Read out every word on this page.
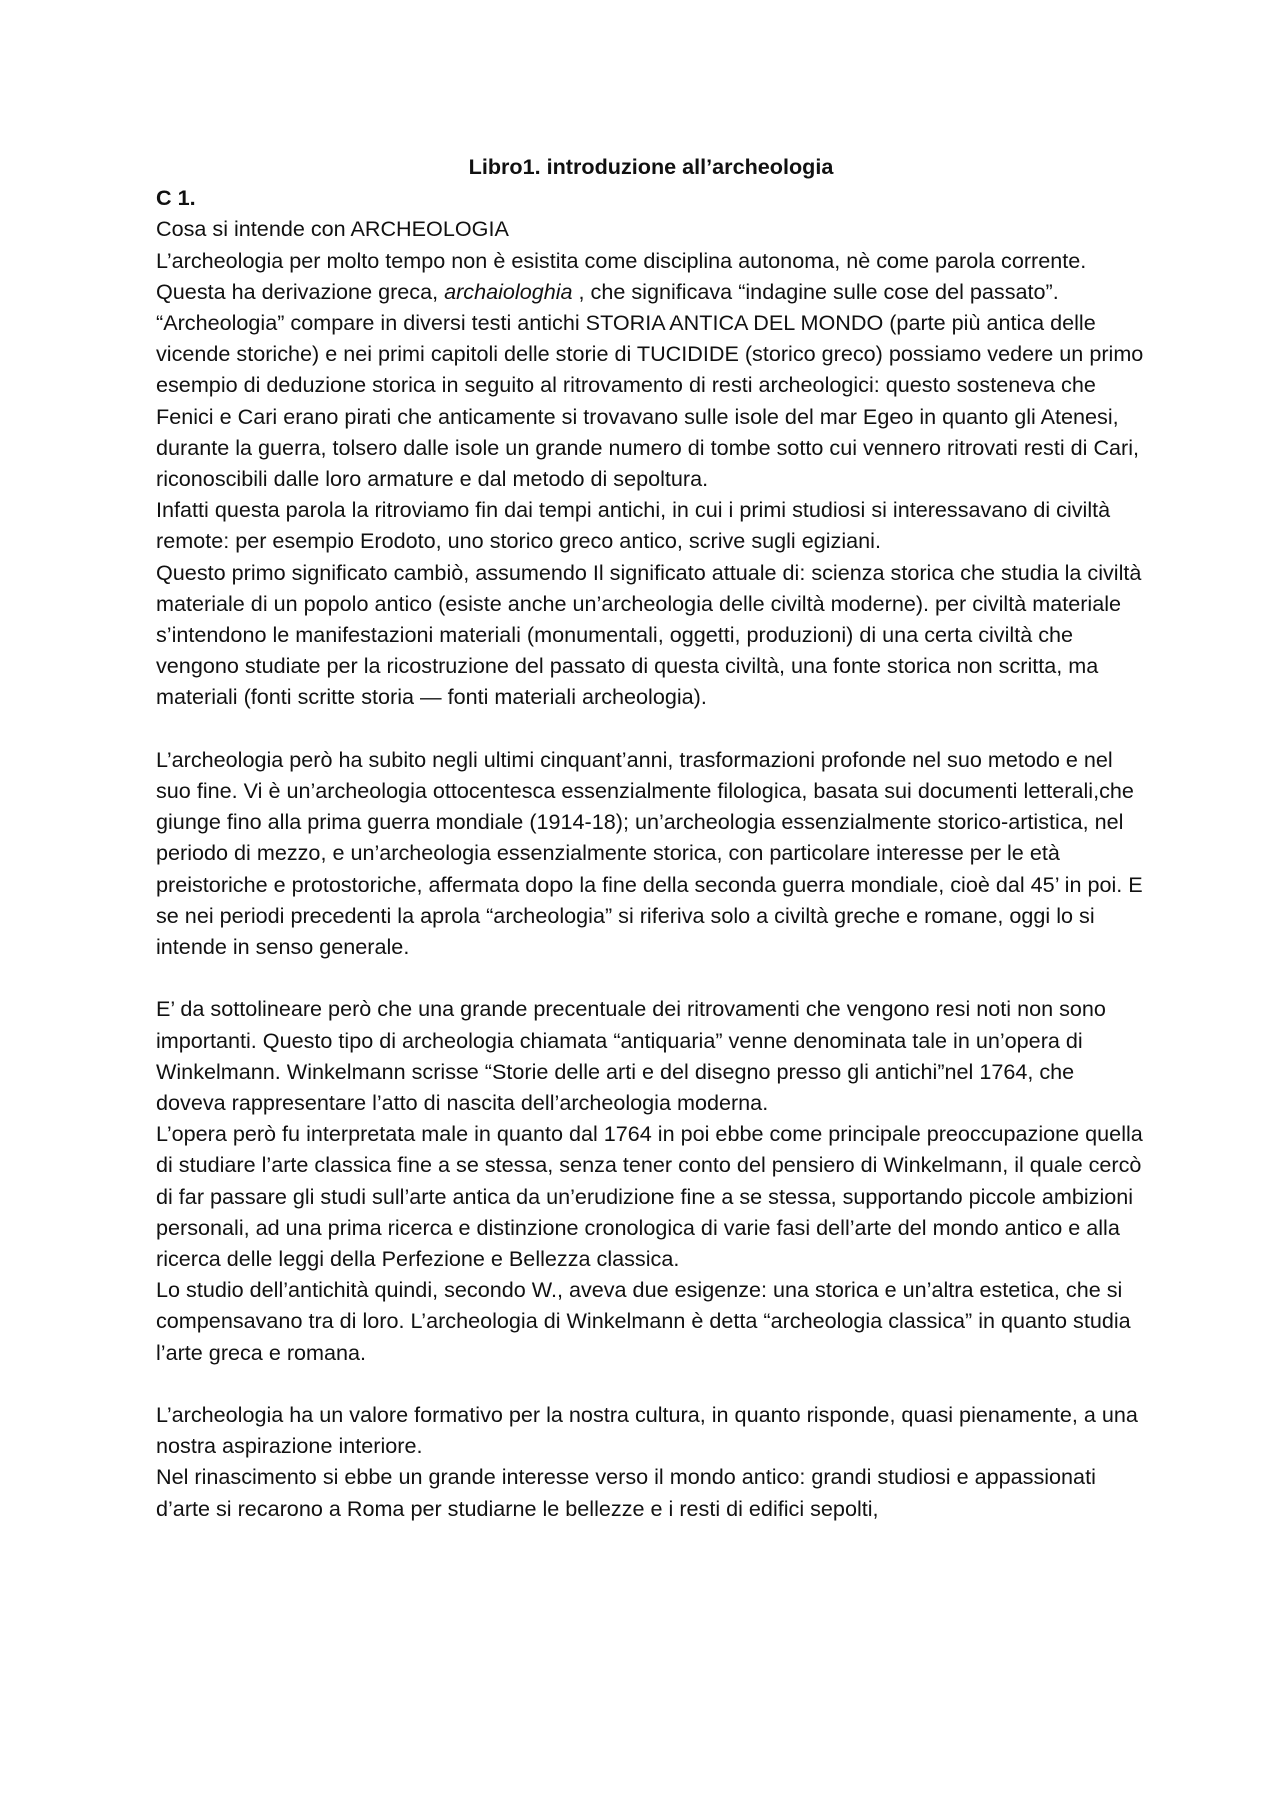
Libro1. introduzione all’archeologia

C 1.

Cosa si intende con ARCHEOLOGIA

L’archeologia per molto tempo non è esistita come disciplina autonoma, nè come parola corrente. Questa ha derivazione greca, archaiologhia , che significava “indagine sulle cose del passato”.

“Archeologia” compare in diversi testi antichi STORIA ANTICA DEL MONDO (parte più antica delle vicende storiche) e nei primi capitoli delle storie di TUCIDIDE (storico greco) possiamo vedere un primo esempio di deduzione storica in seguito al ritrovamento di resti archeologici: questo sosteneva che Fenici e Cari erano pirati che anticamente si trovavano sulle isole del mar Egeo in quanto gli Atenesi, durante la guerra, tolsero dalle isole un grande numero di tombe sotto cui vennero ritrovati resti di Cari, riconoscibili dalle loro armature e dal metodo di sepoltura.

Infatti questa parola la ritroviamo fin dai tempi antichi, in cui i primi studiosi si interessavano di civiltà remote: per esempio Erodoto, uno storico greco antico, scrive sugli egiziani.

Questo primo significato cambiò, assumendo Il significato attuale di: scienza storica che studia la civiltà materiale di un popolo antico (esiste anche un’archeologia delle civiltà moderne). per civiltà materiale s’intendono le manifestazioni materiali (monumentali, oggetti, produzioni) di una certa civiltà che vengono studiate per la ricostruzione del passato di questa civiltà, una fonte storica non scritta, ma materiali (fonti scritte storia — fonti materiali archeologia).

L’archeologia però ha subito negli ultimi cinquant’anni, trasformazioni profonde nel suo metodo e nel suo fine. Vi è un’archeologia ottocentesca essenzialmente filologica, basata sui documenti letterali,che giunge fino alla prima guerra mondiale (1914-18); un’archeologia essenzialmente storico-artistica, nel periodo di mezzo, e un’archeologia essenzialmente storica, con particolare interesse per le età preistoriche e protostoriche, affermata dopo la fine della seconda guerra mondiale, cioè dal 45’ in poi. E se nei periodi precedenti la aprola “archeologia” si riferiva solo a civiltà greche e romane, oggi lo si intende in senso generale.

E’ da sottolineare però che una grande precentuale dei ritrovamenti che vengono resi noti non sono importanti. Questo tipo di archeologia chiamata “antiquaria” venne denominata tale in un’opera di Winkelmann. Winkelmann scrisse “Storie delle arti e del disegno presso gli antichi”nel 1764, che doveva rappresentare l’atto di nascita dell’archeologia moderna.

L’opera però fu interpretata male in quanto dal 1764 in poi ebbe come principale preoccupazione quella di studiare l’arte classica fine a se stessa, senza tener conto del pensiero di Winkelmann, il quale cercò di far passare gli studi sull’arte antica da un’erudizione fine a se stessa, supportando piccole ambizioni personali, ad una prima ricerca e distinzione cronologica di varie fasi dell’arte del mondo antico e alla ricerca delle leggi della Perfezione e Bellezza classica.

Lo studio dell’antichità quindi, secondo W., aveva due esigenze: una storica e un’altra estetica, che si compensavano tra di loro. L’archeologia di Winkelmann è detta “archeologia classica” in quanto studia l’arte greca e romana.

L’archeologia ha un valore formativo per la nostra cultura, in quanto risponde, quasi pienamente, a una nostra aspirazione interiore.

Nel rinascimento si ebbe un grande interesse verso il mondo antico: grandi studiosi e appassionati d’arte si recarono a Roma per studiarne le bellezze e i resti di edifici sepolti,
